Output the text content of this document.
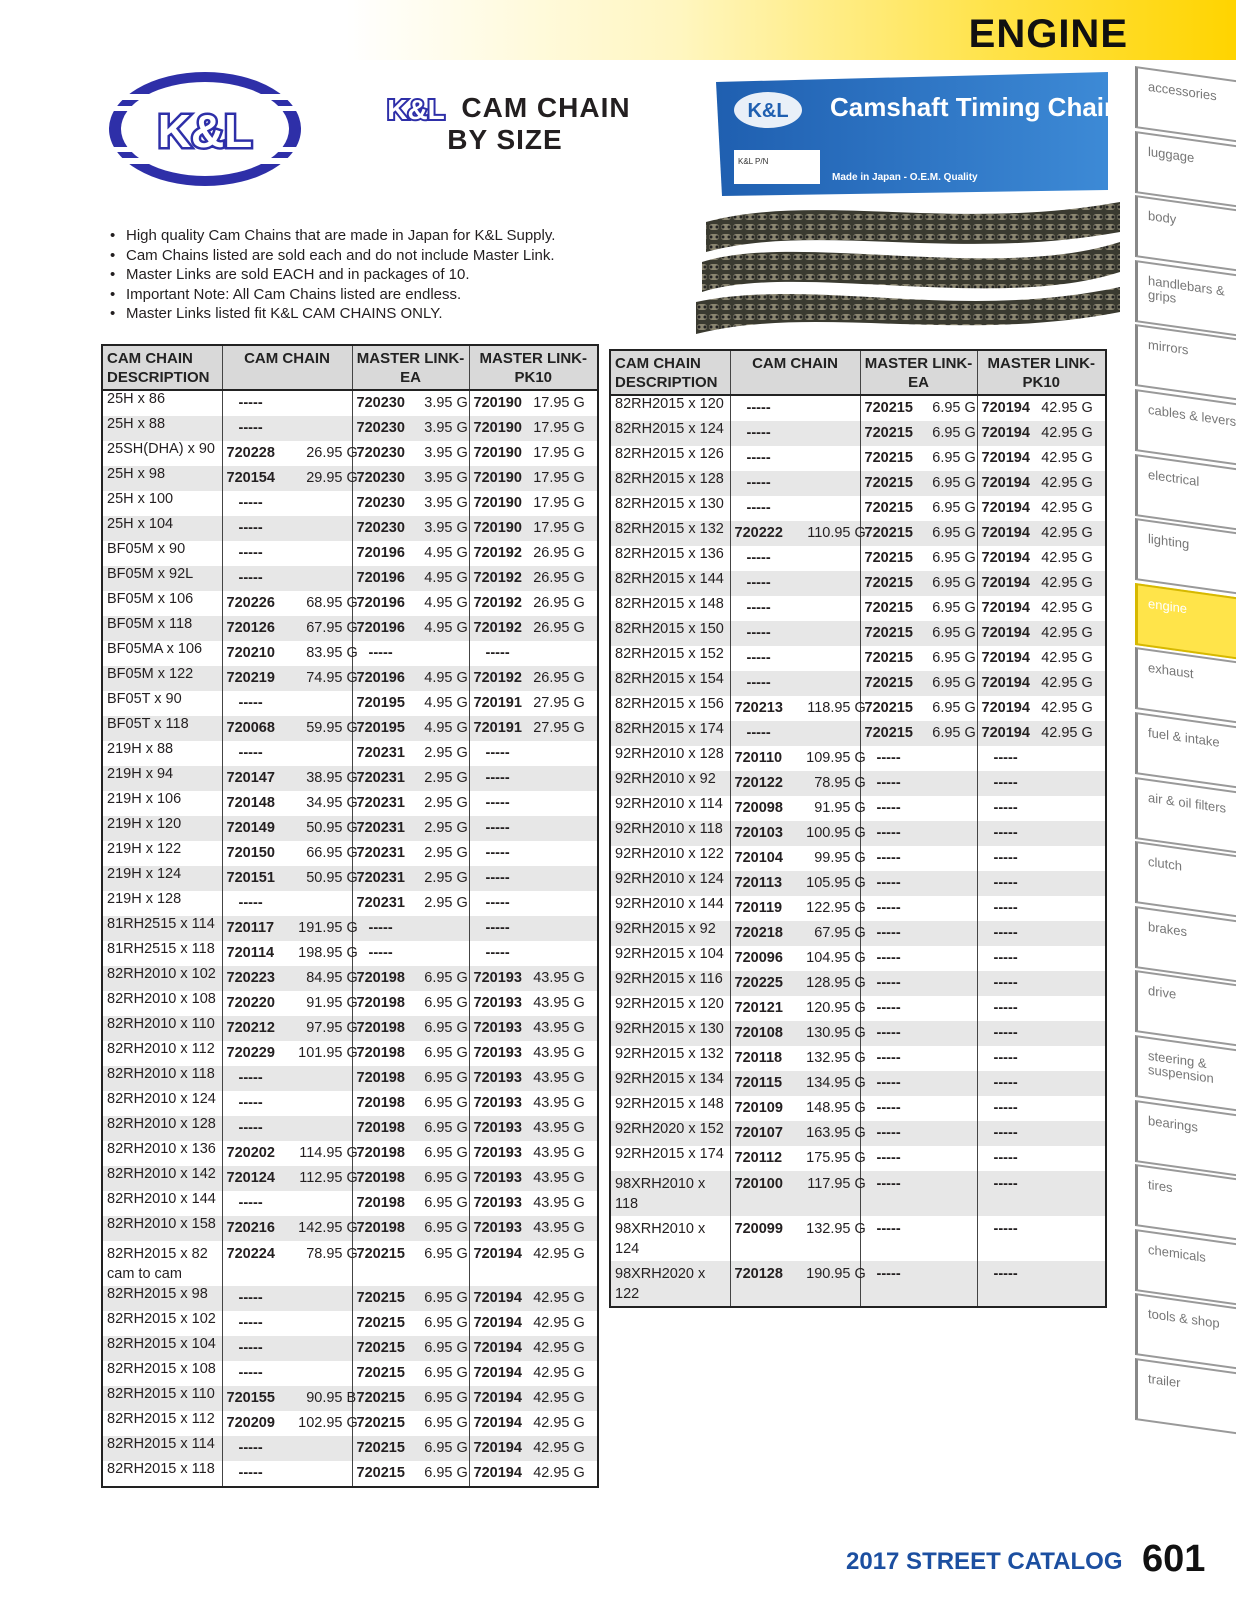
ENGINE
K&L	K&L CAM CHAIN
BY SIZE
• High quality Cam Chains that are made in Japan for K&L Supply.
• Cam Chains listed are sold each and do not include Master Link.
• Master Links are sold EACH and in packages of 10.
• Important Note: All Cam Chains listed are endless.
• Master Links listed fit K&L CAM CHAINS ONLY.
K&L Camshaft Timing Chain
K&L P/N
Made in Japan - O.E.M. Quality
CAM CHAIN DESCRIPTION	CAM CHAIN	MASTER LINK- EA	MASTER LINK- PK10
25H x 86	-----	720230 3.95 G	720190 17.95 G
25H x 88	-----	720230 3.95 G	720190 17.95 G
25SH(DHA) x 90	720228 26.95 G	720230 3.95 G	720190 17.95 G
25H x 98	720154 29.95 G	720230 3.95 G	720190 17.95 G
25H x 100	-----	720230 3.95 G	720190 17.95 G
25H x 104	-----	720230 3.95 G	720190 17.95 G
BF05M x 90	-----	720196 4.95 G	720192 26.95 G
BF05M x 92L	-----	720196 4.95 G	720192 26.95 G
BF05M x 106	720226 68.95 G	720196 4.95 G	720192 26.95 G
BF05M x 118	720126 67.95 G	720196 4.95 G	720192 26.95 G
BF05MA x 106	720210 83.95 G	-----	-----
BF05M x 122	720219 74.95 G	720196 4.95 G	720192 26.95 G
BF05T x 90	-----	720195 4.95 G	720191 27.95 G
BF05T x 118	720068 59.95 G	720195 4.95 G	720191 27.95 G
219H x 88	-----	720231 2.95 G	-----
219H x 94	720147 38.95 G	720231 2.95 G	-----
219H x 106	720148 34.95 G	720231 2.95 G	-----
219H x 120	720149 50.95 G	720231 2.95 G	-----
219H x 122	720150 66.95 G	720231 2.95 G	-----
219H x 124	720151 50.95 G	720231 2.95 G	-----
219H x 128	-----	720231 2.95 G	-----
81RH2515 x 114	720117 191.95 G	-----	-----
81RH2515 x 118	720114 198.95 G	-----	-----
82RH2010 x 102	720223 84.95 G	720198 6.95 G	720193 43.95 G
82RH2010 x 108	720220 91.95 G	720198 6.95 G	720193 43.95 G
82RH2010 x 110	720212 97.95 G	720198 6.95 G	720193 43.95 G
82RH2010 x 112	720229 101.95 G	720198 6.95 G	720193 43.95 G
82RH2010 x 118	-----	720198 6.95 G	720193 43.95 G
82RH2010 x 124	-----	720198 6.95 G	720193 43.95 G
82RH2010 x 128	-----	720198 6.95 G	720193 43.95 G
82RH2010 x 136	720202 114.95 G	720198 6.95 G	720193 43.95 G
82RH2010 x 142	720124 112.95 G	720198 6.95 G	720193 43.95 G
82RH2010 x 144	-----	720198 6.95 G	720193 43.95 G
82RH2010 x 158	720216 142.95 G	720198 6.95 G	720193 43.95 G
82RH2015 x 82 cam to cam	720224 78.95 G	720215 6.95 G	720194 42.95 G
82RH2015 x 98	-----	720215 6.95 G	720194 42.95 G
82RH2015 x 102	-----	720215 6.95 G	720194 42.95 G
82RH2015 x 104	-----	720215 6.95 G	720194 42.95 G
82RH2015 x 108	-----	720215 6.95 G	720194 42.95 G
82RH2015 x 110	720155 90.95 B	720215 6.95 G	720194 42.95 G
82RH2015 x 112	720209 102.95 G	720215 6.95 G	720194 42.95 G
82RH2015 x 114	-----	720215 6.95 G	720194 42.95 G
82RH2015 x 118	-----	720215 6.95 G	720194 42.95 G
CAM CHAIN DESCRIPTION	CAM CHAIN	MASTER LINK- EA	MASTER LINK- PK10
82RH2015 x 120	-----	720215 6.95 G	720194 42.95 G
82RH2015 x 124	-----	720215 6.95 G	720194 42.95 G
82RH2015 x 126	-----	720215 6.95 G	720194 42.95 G
82RH2015 x 128	-----	720215 6.95 G	720194 42.95 G
82RH2015 x 130	-----	720215 6.95 G	720194 42.95 G
82RH2015 x 132	720222 110.95 G	720215 6.95 G	720194 42.95 G
82RH2015 x 136	-----	720215 6.95 G	720194 42.95 G
82RH2015 x 144	-----	720215 6.95 G	720194 42.95 G
82RH2015 x 148	-----	720215 6.95 G	720194 42.95 G
82RH2015 x 150	-----	720215 6.95 G	720194 42.95 G
82RH2015 x 152	-----	720215 6.95 G	720194 42.95 G
82RH2015 x 154	-----	720215 6.95 G	720194 42.95 G
82RH2015 x 156	720213 118.95 G	720215 6.95 G	720194 42.95 G
82RH2015 x 174	-----	720215 6.95 G	720194 42.95 G
92RH2010 x 128	720110 109.95 G	-----	-----
92RH2010 x 92	720122 78.95 G	-----	-----
92RH2010 x 114	720098 91.95 G	-----	-----
92RH2010 x 118	720103 100.95 G	-----	-----
92RH2010 x 122	720104 99.95 G	-----	-----
92RH2010 x 124	720113 105.95 G	-----	-----
92RH2010 x 144	720119 122.95 G	-----	-----
92RH2015 x 92	720218 67.95 G	-----	-----
92RH2015 x 104	720096 104.95 G	-----	-----
92RH2015 x 116	720225 128.95 G	-----	-----
92RH2015 x 120	720121 120.95 G	-----	-----
92RH2015 x 130	720108 130.95 G	-----	-----
92RH2015 x 132	720118 132.95 G	-----	-----
92RH2015 x 134	720115 134.95 G	-----	-----
92RH2015 x 148	720109 148.95 G	-----	-----
92RH2020 x 152	720107 163.95 G	-----	-----
92RH2015 x 174	720112 175.95 G	-----	-----
98XRH2010 x 118	720100 117.95 G	-----	-----
98XRH2010 x 124	720099 132.95 G	-----	-----
98XRH2020 x 122	720128 190.95 G	-----	-----
accessories
luggage
body
handlebars & grips
mirrors
cables & levers
electrical
lighting
engine
exhaust
fuel & intake
air & oil filters
clutch
brakes
drive
steering & suspension
bearings
tires
chemicals
tools & shop
trailer
2017 STREET CATALOG 601
